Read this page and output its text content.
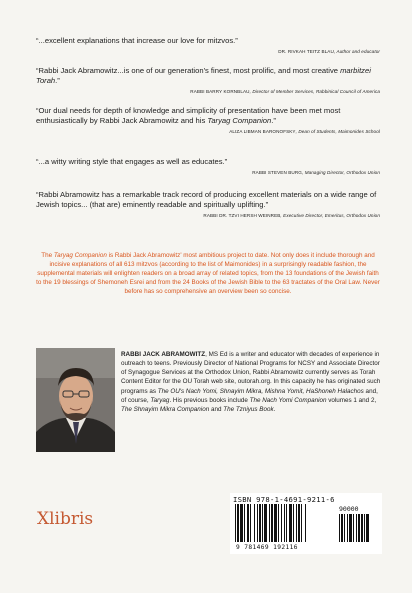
“...excellent explanations that increase our love for mitzvos.”

DR. RIVKAH TEITZ BLAU, Author and educator

“Rabbi Jack Abramowitz...is one of our generation's finest, most prolific, and most creative marbitzei Torah.”

RABBI BARRY KORNBLAU, Director of Member Services, Rabbinical Council of America

“Our dual needs for depth of knowledge and simplicity of presentation have been met most enthusiastically by Rabbi Jack Abramowitz and his Taryag Companion.”

ALIZA LIBMAN BARONOFSKY, Dean of Students, Maimonides School

“...a witty writing style that engages as well as educates.”

RABBI STEVEN BURG, Managing Director, Orthodox Union

“Rabbi Abramowitz has a remarkable track record of producing excellent materials on a wide range of Jewish topics... (that are) eminently readable and spiritually uplifting.”

RABBI DR. TZVI HERSH WEINREB, Executive Director, Emeritus, Orthodox Union

The Taryag Companion is Rabbi Jack Abramowitz' most ambitious project to date. Not only does it include thorough and incisive explanations of all 613 mitzvos (according to the list of Maimonides) in a surprisingly readable fashion, the supplemental materials will enlighten readers on a broad array of related topics, from the 13 foundations of the Jewish faith to the 19 blessings of Shemoneh Esrei and from the 24 Books of the Jewish Bible to the 63 tractates of the Oral Law. Never before has so comprehensive an overview been so concise.

RABBI JACK ABRAMOWITZ, MS Ed is a writer and educator with decades of experience in outreach to teens. Previously Director of National Programs for NCSY and Associate Director of Synagogue Services at the Orthodox Union, Rabbi Abramowitz currently serves as Torah Content Editor for the OU Torah web site, outorah.org. In this capacity he has originated such programs as The OU's Nach Yomi, Shnayim Mikra, Mishna Yomit, HaShoneh Halachos and, of course, Taryag. His previous books include The Nach Yomi Companion volumes 1 and 2, The Shnayim Mikra Companion and The Tzniyus Book.

Xlibris
ISBN 978-1-4691-9211-6
90000
9 781469 192116
